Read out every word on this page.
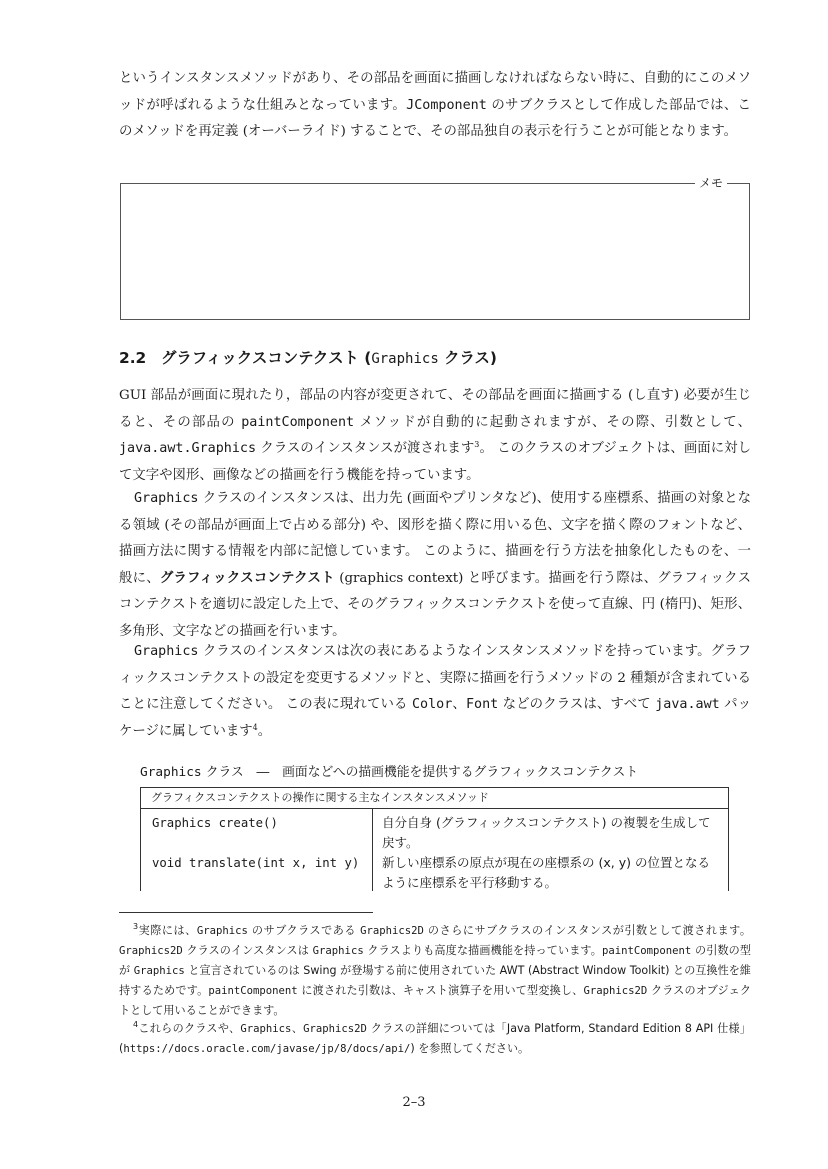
というインスタンスメソッドがあり、その部品を画面に描画しなければならない時に、自動的にこのメソッドが呼ばれるような仕組みとなっています。JComponent のサブクラスとして作成した部品では、このメソッドを再定義 (オーバーライド) することで、その部品独自の表示を行うことが可能となります。

メモ
2.2 グラフィックスコンテクスト (Graphics クラス)

GUI 部品が画面に現れたり，部品の内容が変更されて、その部品を画面に描画する (し直す) 必要が生じると、その部品の paintComponent メソッドが自動的に起動されますが、その際、引数として、java.awt.Graphics クラスのインスタンスが渡されます$^3$。 このクラスのオブジェクトは、画面に対して文字や図形、画像などの描画を行う機能を持っています。

Graphics クラスのインスタンスは、出力先 (画面やプリンタなど)、使用する座標系、描画の対象となる領域 (その部品が画面上で占める部分) や、図形を描く際に用いる色、文字を描く際のフォントなど、描画方法に関する情報を内部に記憶しています。 このように、描画を行う方法を抽象化したものを、一般に、グラフィックスコンテクスト (graphics context) と呼びます。描画を行う際は、グラフィックスコンテクストを適切に設定した上で、そのグラフィックスコンテクストを使って直線、円 (楕円)、矩形、多角形、文字などの描画を行います。

Graphics クラスのインスタンスは次の表にあるようなインスタンスメソッドを持っています。グラフィックスコンテクストの設定を変更するメソッドと、実際に描画を行うメソッドの 2 種類が含まれていることに注意してください。 この表に現れている Color、Font などのクラスは、すべて java.awt パッケージに属しています$^4$。

Graphics クラス　―　画面などへの描画機能を提供するグラフィックスコンテクスト
グラフィクスコンテクストの操作に関する主なインスタンスメソッド
Graphics create()	自分自身 (グラフィックスコンテクスト) の複製を生成して戻す。
void translate(int x, int y)	新しい座標系の原点が現在の座標系の (x, y) の位置となるように座標系を平行移動する。

$^3$実際には、Graphics のサブクラスである Graphics2D のさらにサブクラスのインスタンスが引数として渡されます。Graphics2D クラスのインスタンスは Graphics クラスよりも高度な描画機能を持っています。paintComponent の引数の型が Graphics と宣言されているのは Swing が登場する前に使用されていた AWT (Abstract Window Toolkit) との互換性を維持するためです。paintComponent に渡された引数は、キャスト演算子を用いて型変換し、Graphics2D クラスのオブジェクトとして用いることができます。

$^4$これらのクラスや、Graphics、Graphics2D クラスの詳細については「Java Platform, Standard Edition 8 API 仕様」(https://docs.oracle.com/javase/jp/8/docs/api/) を参照してください。

2–3
